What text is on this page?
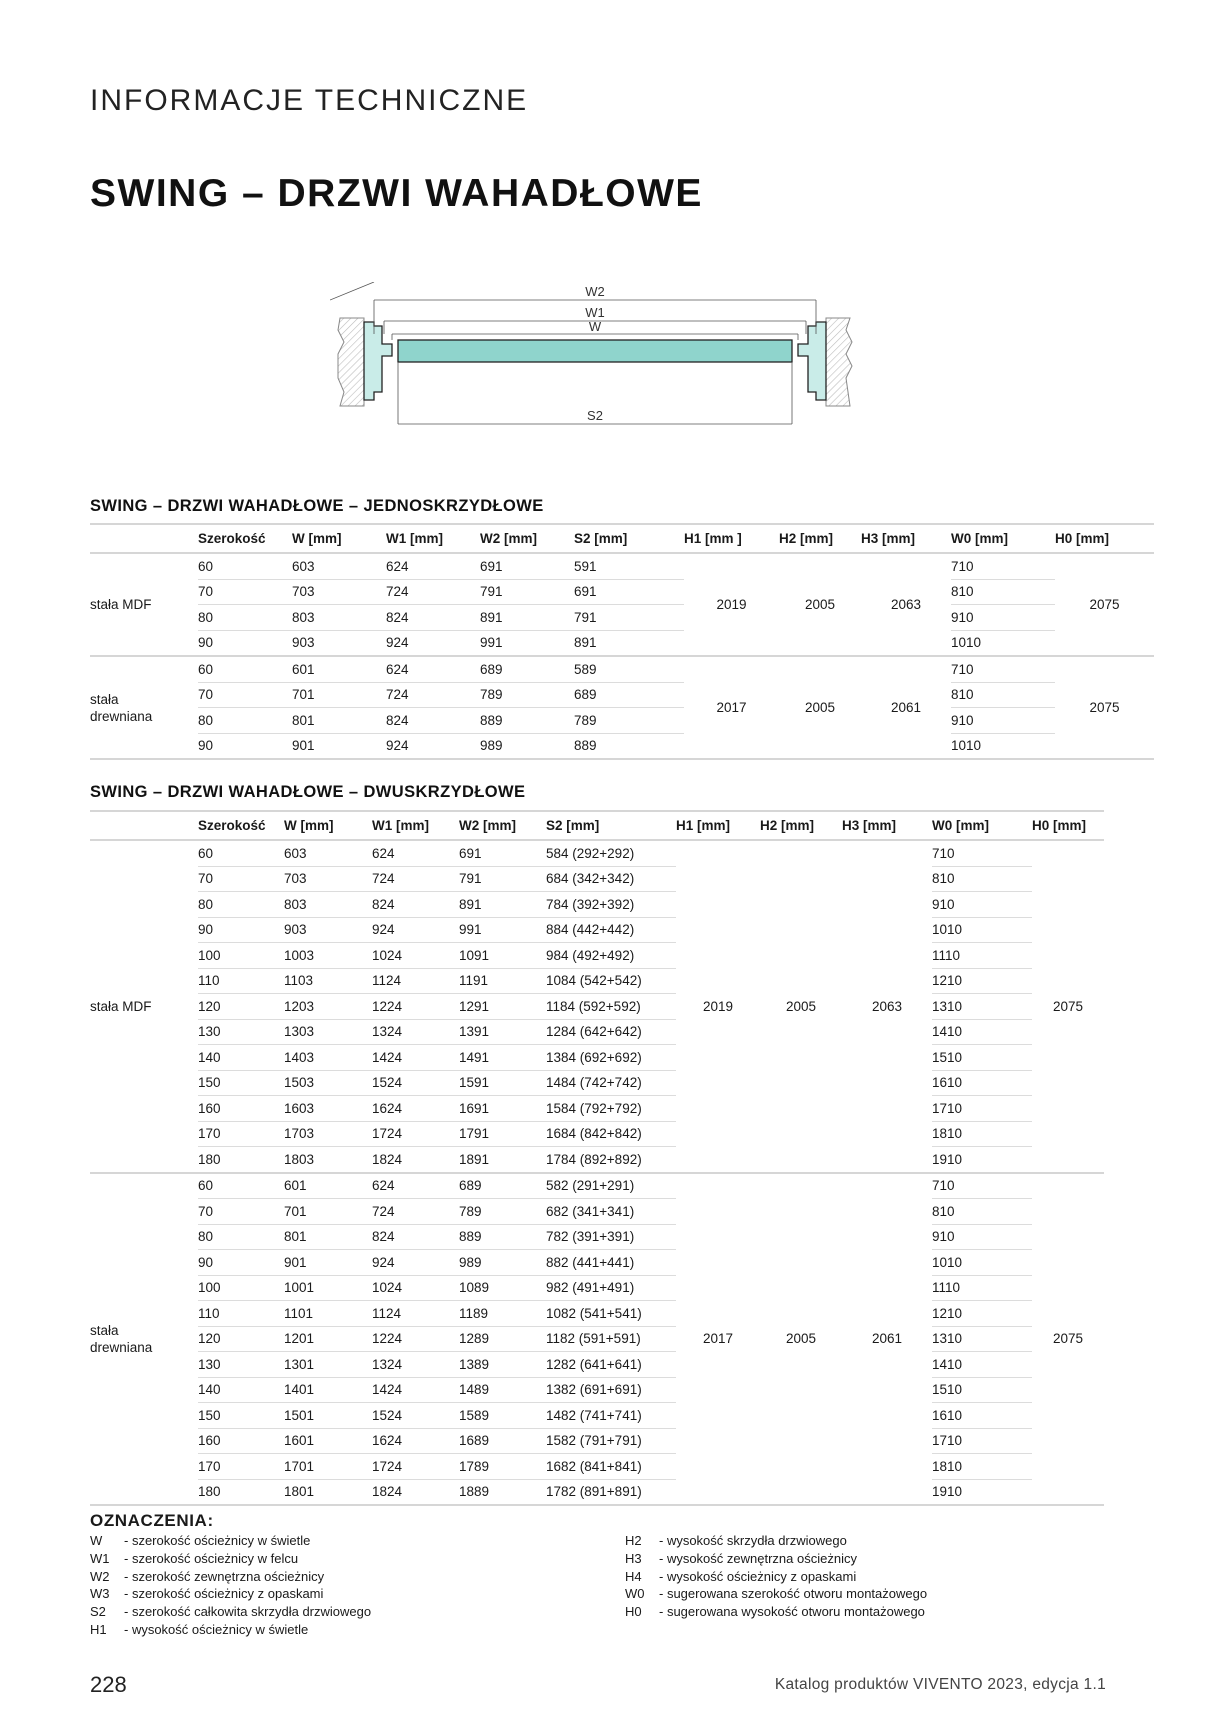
INFORMACJE TECHNICZNE
SWING – DRZWI WAHADŁOWE
W2
W1
W
S2
SWING – DRZWI WAHADŁOWE – JEDNOSKRZYDŁOWE
	Szerokość	W [mm]	W1 [mm]	W2 [mm]	S2 [mm]	H1 [mm ]	H2 [mm]	H3 [mm]	W0 [mm]	H0 [mm]
stała MDF	60	603	624	691	591	2019	2005	2063	710	2075
	70	703	724	791	691				810	
	80	803	824	891	791				910	
	90	903	924	991	891				1010	
stała
drewniana	60	601	624	689	589	2017	2005	2061	710	2075
	70	701	724	789	689				810	
	80	801	824	889	789				910	
	90	901	924	989	889				1010	
SWING – DRZWI WAHADŁOWE – DWUSKRZYDŁOWE
	Szerokość	W [mm]	W1 [mm]	W2 [mm]	S2 [mm]	H1 [mm]	H2 [mm]	H3 [mm]	W0 [mm]	H0 [mm]
stała MDF	60	603	624	691	584 (292+292)	2019	2005	2063	710	2075
	70	703	724	791	684 (342+342)				810	
	80	803	824	891	784 (392+392)				910	
	90	903	924	991	884 (442+442)				1010	
	100	1003	1024	1091	984 (492+492)				1110	
	110	1103	1124	1191	1084 (542+542)				1210	
	120	1203	1224	1291	1184 (592+592)				1310	
	130	1303	1324	1391	1284 (642+642)				1410	
	140	1403	1424	1491	1384 (692+692)				1510	
	150	1503	1524	1591	1484 (742+742)				1610	
	160	1603	1624	1691	1584 (792+792)				1710	
	170	1703	1724	1791	1684 (842+842)				1810	
	180	1803	1824	1891	1784 (892+892)				1910	
stała
drewniana	60	601	624	689	582 (291+291)	2017	2005	2061	710	2075
	70	701	724	789	682 (341+341)				810	
	80	801	824	889	782 (391+391)				910	
	90	901	924	989	882 (441+441)				1010	
	100	1001	1024	1089	982 (491+491)				1110	
	110	1101	1124	1189	1082 (541+541)				1210	
	120	1201	1224	1289	1182 (591+591)				1310	
	130	1301	1324	1389	1282 (641+641)				1410	
	140	1401	1424	1489	1382 (691+691)				1510	
	150	1501	1524	1589	1482 (741+741)				1610	
	160	1601	1624	1689	1582 (791+791)				1710	
	170	1701	1724	1789	1682 (841+841)				1810	
	180	1801	1824	1889	1782 (891+891)				1910	
OZNACZENIA:
W - szerokość ościeżnicy w świetle
W1 - szerokość ościeżnicy w felcu
W2 - szerokość zewnętrzna ościeżnicy
W3 - szerokość ościeżnicy z opaskami
S2 - szerokość całkowita skrzydła drzwiowego
H1 - wysokość ościeżnicy w świetle
H2 - wysokość skrzydła drzwiowego
H3 - wysokość zewnętrzna ościeżnicy
H4 - wysokość ościeżnicy z opaskami
W0 - sugerowana szerokość otworu montażowego
H0 - sugerowana wysokość otworu montażowego
228	Katalog produktów VIVENTO 2023, edycja 1.1
